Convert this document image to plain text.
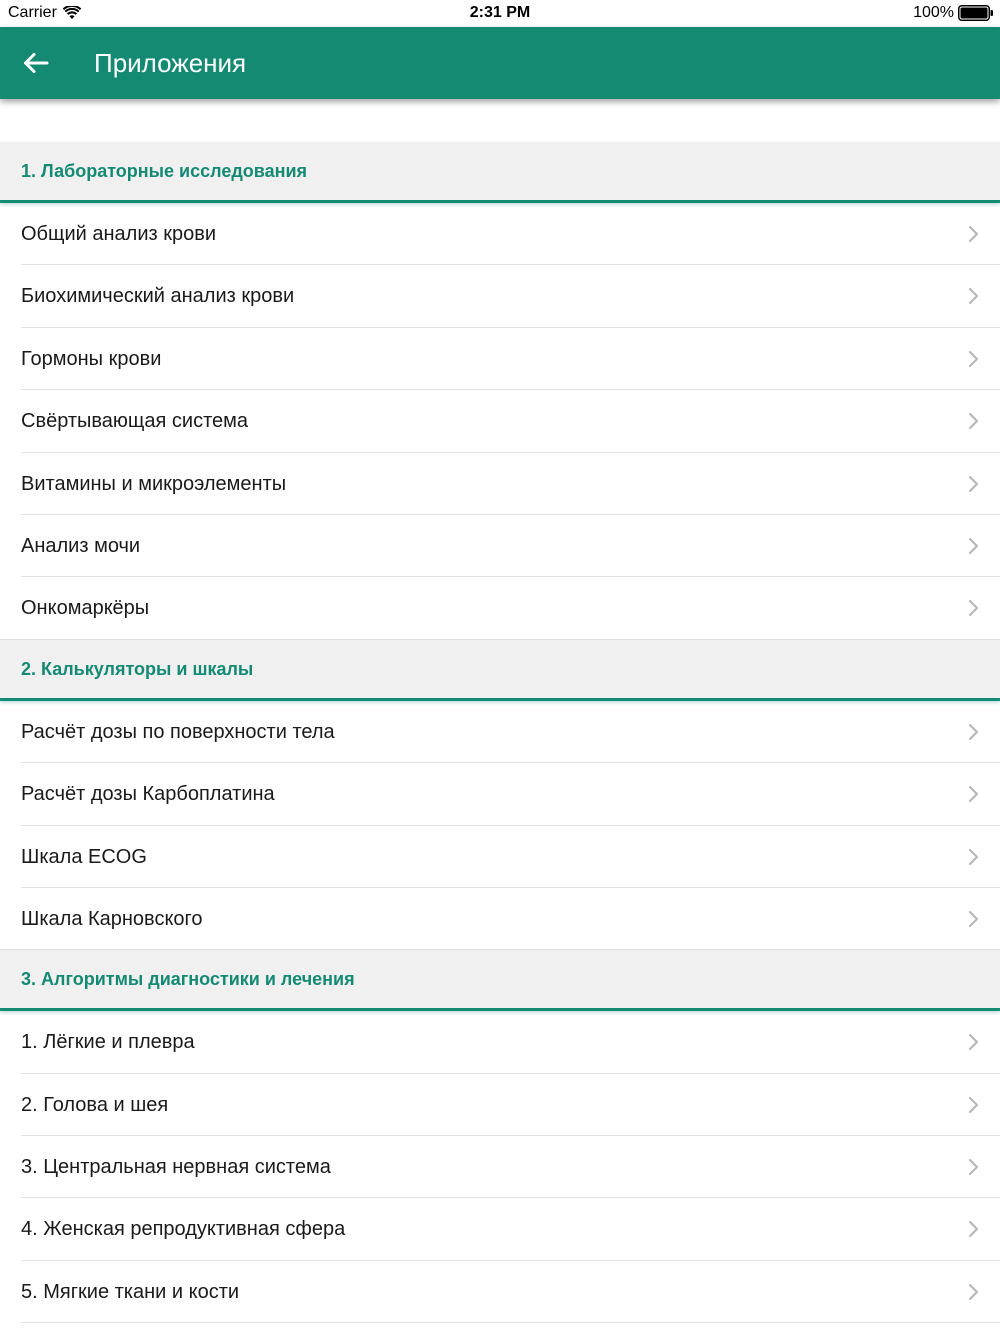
Carrier	2:31 PM	100%
Приложения
1. Лабораторные исследования
Общий анализ крови
Биохимический анализ крови
Гормоны крови
Свёртывающая система
Витамины и микроэлементы
Анализ мочи
Онкомаркёры
2. Калькуляторы и шкалы
Расчёт дозы по поверхности тела
Расчёт дозы Карбоплатина
Шкала ECOG
Шкала Карновского
3. Алгоритмы диагностики и лечения
1. Лёгкие и плевра
2. Голова и шея
3. Центральная нервная система
4. Женская репродуктивная сфера
5. Мягкие ткани и кости
